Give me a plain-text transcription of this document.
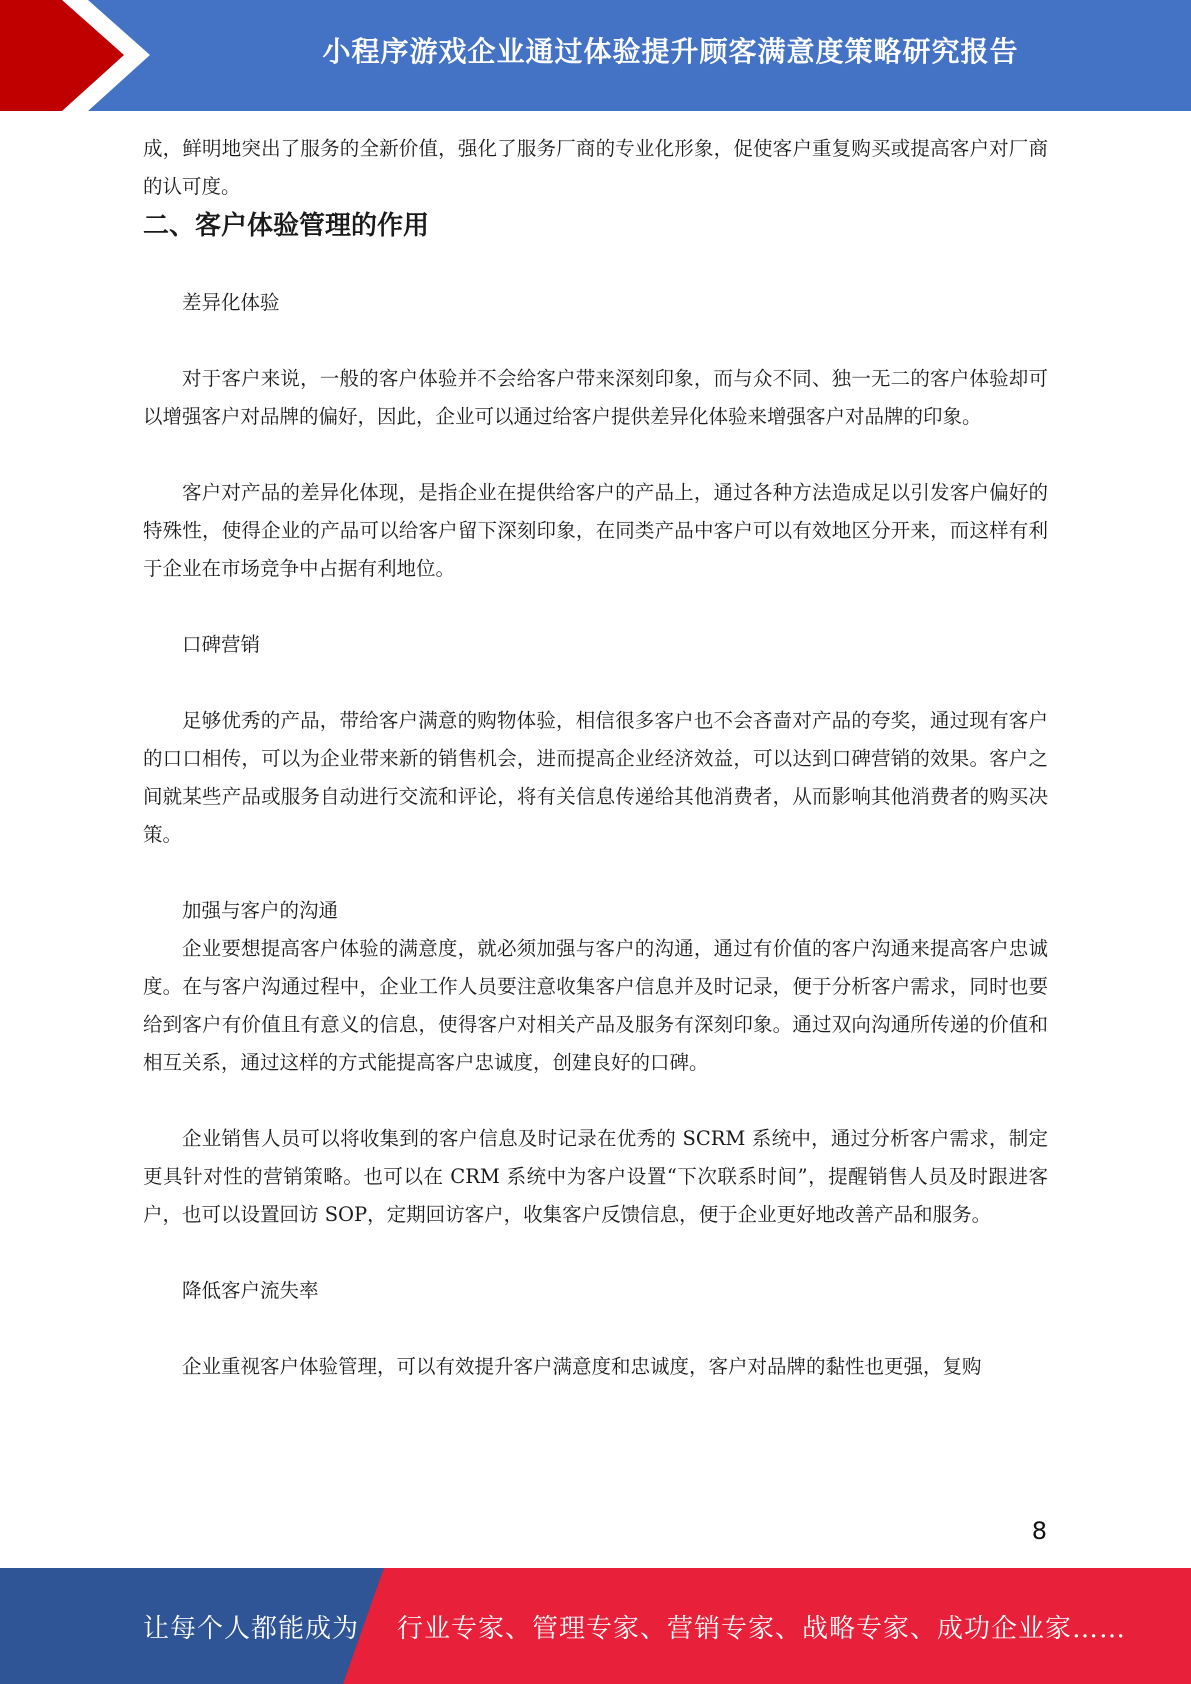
小程序游戏企业通过体验提升顾客满意度策略研究报告

成，鲜明地突出了服务的全新价值，强化了服务厂商的专业化形象，促使客户重复购买或提高客户对厂商的认可度。

二、客户体验管理的作用

差异化体验

对于客户来说，一般的客户体验并不会给客户带来深刻印象，而与众不同、独一无二的客户体验却可以增强客户对品牌的偏好，因此，企业可以通过给客户提供差异化体验来增强客户对品牌的印象。

客户对产品的差异化体现，是指企业在提供给客户的产品上，通过各种方法造成足以引发客户偏好的特殊性，使得企业的产品可以给客户留下深刻印象，在同类产品中客户可以有效地区分开来，而这样有利于企业在市场竞争中占据有利地位。

口碑营销

足够优秀的产品，带给客户满意的购物体验，相信很多客户也不会吝啬对产品的夸奖，通过现有客户的口口相传，可以为企业带来新的销售机会，进而提高企业经济效益，可以达到口碑营销的效果。客户之间就某些产品或服务自动进行交流和评论，将有关信息传递给其他消费者，从而影响其他消费者的购买决策。

加强与客户的沟通

企业要想提高客户体验的满意度，就必须加强与客户的沟通，通过有价值的客户沟通来提高客户忠诚度。在与客户沟通过程中，企业工作人员要注意收集客户信息并及时记录，便于分析客户需求，同时也要给到客户有价值且有意义的信息，使得客户对相关产品及服务有深刻印象。通过双向沟通所传递的价值和相互关系，通过这样的方式能提高客户忠诚度，创建良好的口碑。

企业销售人员可以将收集到的客户信息及时记录在优秀的 SCRM 系统中，通过分析客户需求，制定更具针对性的营销策略。也可以在 CRM 系统中为客户设置“下次联系时间”，提醒销售人员及时跟进客户，也可以设置回访 SOP，定期回访客户，收集客户反馈信息，便于企业更好地改善产品和服务。

降低客户流失率

企业重视客户体验管理，可以有效提升客户满意度和忠诚度，客户对品牌的黏性也更强，复购

8
让每个人都能成为 行业专家、管理专家、营销专家、战略专家、成功企业家……
